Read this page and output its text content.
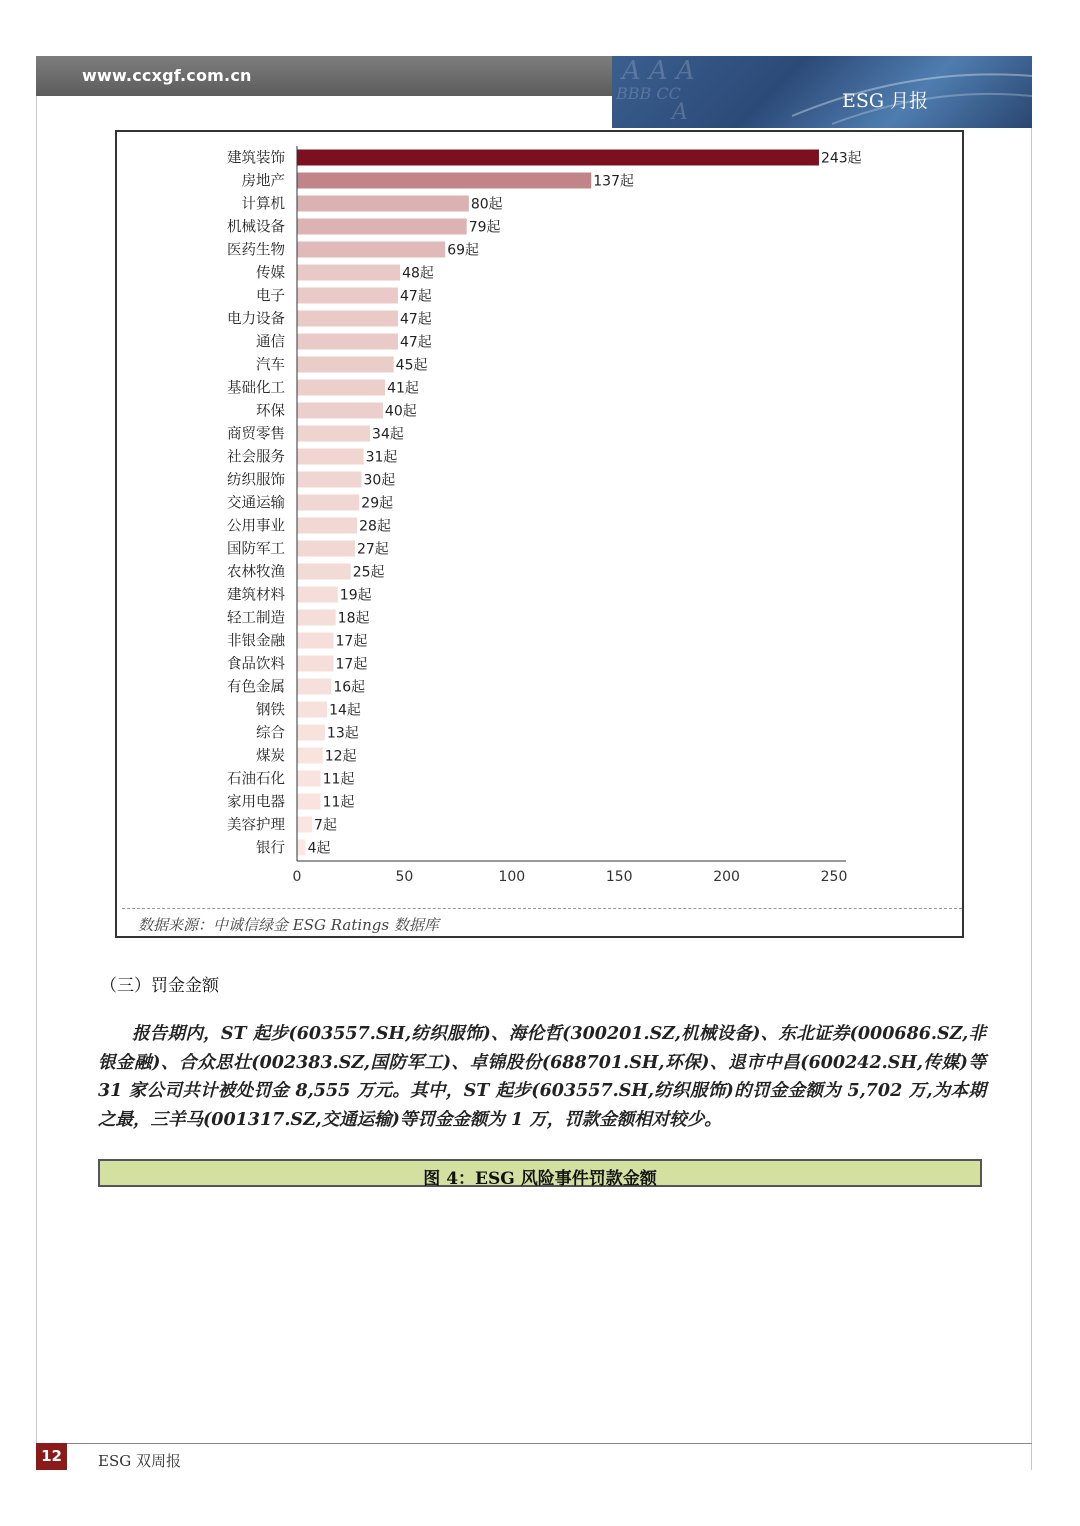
www.ccxgf.com.cn	A A A
BBB CC
A	ESG 月报
建筑装饰	243起
房地产	137起
计算机	80起
机械设备	79起
医药生物	69起
传媒	48起
电子	47起
电力设备	47起
通信	47起
汽车	45起
基础化工	41起
环保	40起
商贸零售	34起
社会服务	31起
纺织服饰	30起
交通运输	29起
公用事业	28起
国防军工	27起
农林牧渔	25起
建筑材料	19起
轻工制造	18起
非银金融	17起
食品饮料	17起
有色金属	16起
钢铁	14起
综合	13起
煤炭	12起
石油石化	11起
家用电器	11起
美容护理 7起
银行 4起
0	50	100	150	200	250
数据来源：中诚信绿金 ESG Ratings 数据库
（三）罚金金额
报告期内，ST 起步(603557.SH,纺织服饰)、海伦哲(300201.SZ,机械设备)、东北证券(000686.SZ,非银金融)、合众思壮(002383.SZ,国防军工)、卓锦股份(688701.SH,环保)、退市中昌(600242.SH,传媒)等 31 家公司共计被处罚金 8,555 万元。其中，ST 起步(603557.SH,纺织服饰)的罚金金额为 5,702 万,为本期之最，三羊马(001317.SZ,交通运输)等罚金金额为 1 万，罚款金额相对较少。
图 4：ESG 风险事件罚款金额
12	ESG 双周报
